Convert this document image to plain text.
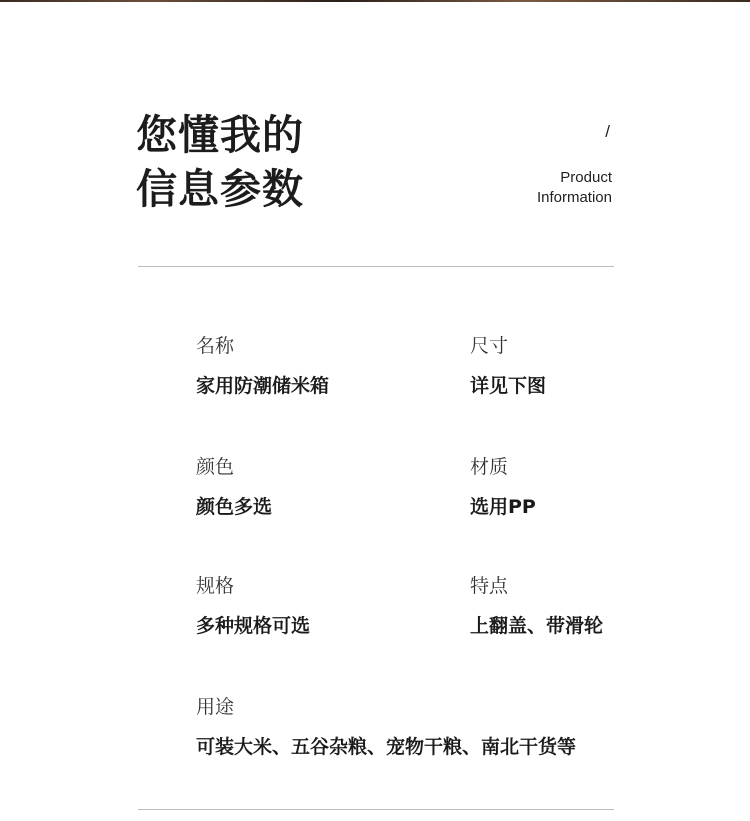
您懂我的
信息参数
/
Product
Information
名称
家用防潮储米箱
尺寸
详见下图
颜色
颜色多选
材质
选用PP
规格
多种规格可选
特点
上翻盖、带滑轮
用途
可装大米、五谷杂粮、宠物干粮、南北干货等
